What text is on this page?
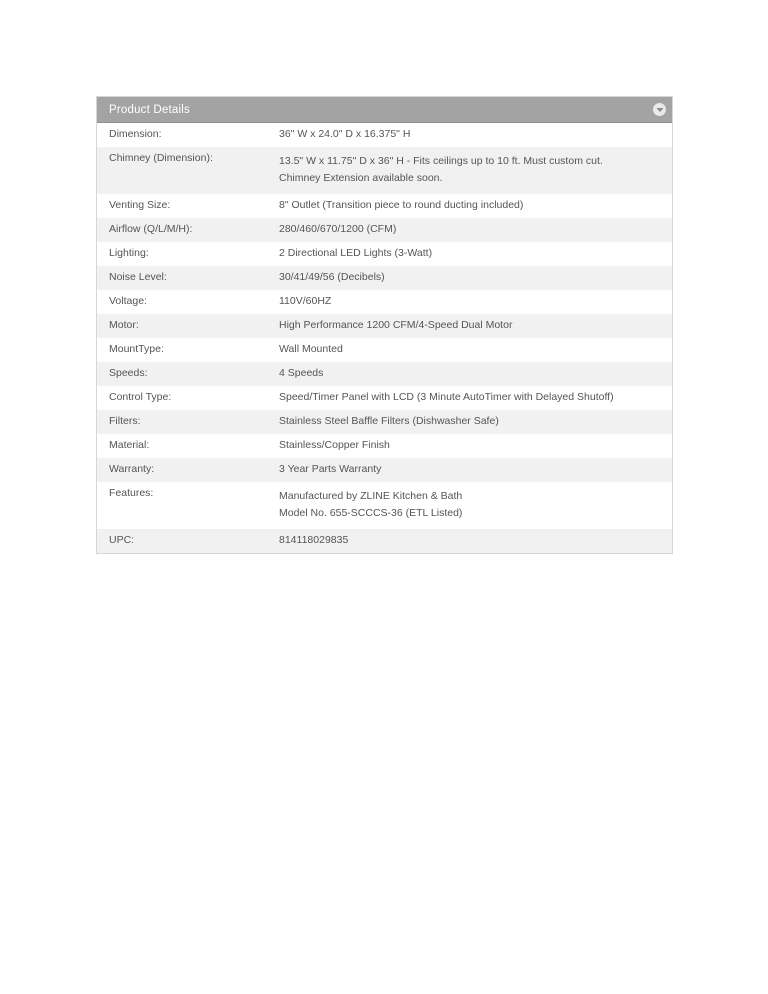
Product Details
Dimension:	36" W x 24.0" D x 16.375" H
Chimney (Dimension):	13.5" W x 11.75" D x 36" H - Fits ceilings up to 10 ft. Must custom cut.
Chimney Extension available soon.
Venting Size:	8" Outlet (Transition piece to round ducting included)
Airflow (Q/L/M/H):	280/460/670/1200 (CFM)
Lighting:	2 Directional LED Lights (3-Watt)
Noise Level:	30/41/49/56 (Decibels)
Voltage:	110V/60HZ
Motor:	High Performance 1200 CFM/4-Speed Dual Motor
MountType:	Wall Mounted
Speeds:	4 Speeds
Control Type:	Speed/Timer Panel with LCD (3 Minute AutoTimer with Delayed Shutoff)
Filters:	Stainless Steel Baffle Filters (Dishwasher Safe)
Material:	Stainless/Copper Finish
Warranty:	3 Year Parts Warranty
Features:	Manufactured by ZLINE Kitchen & Bath
Model No. 655-SCCCS-36 (ETL Listed)
UPC:	814118029835
